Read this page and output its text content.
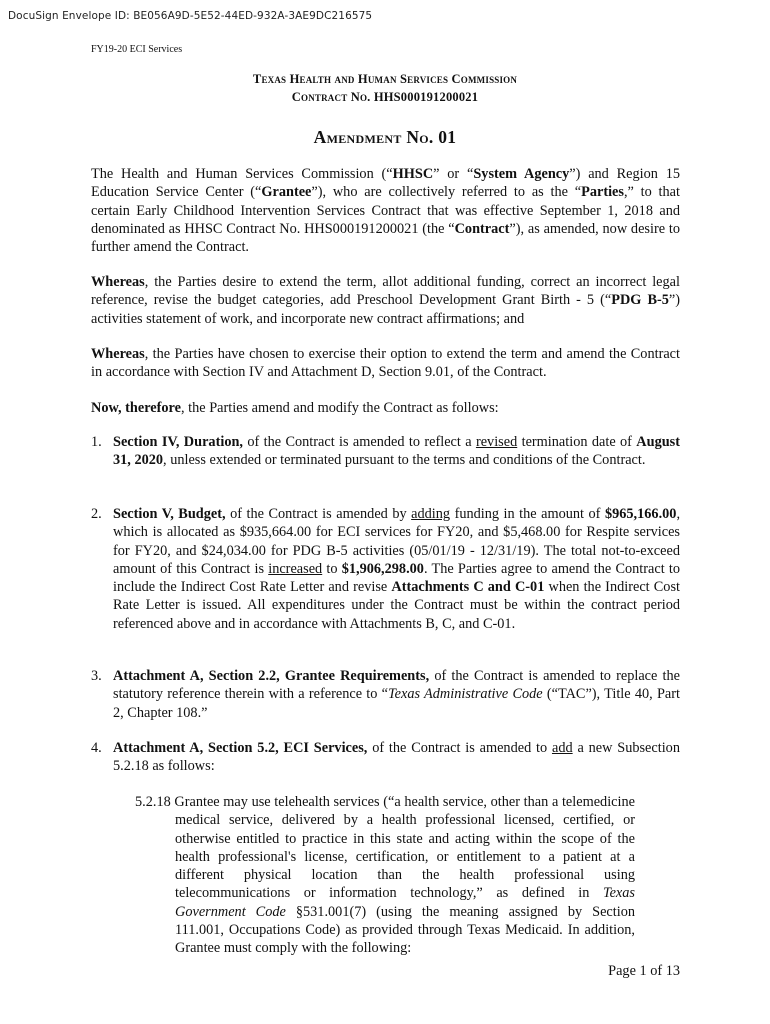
DocuSign Envelope ID: BE056A9D-5E52-44ED-932A-3AE9DC216575
FY19-20 ECI Services
Texas Health and Human Services Commission
Contract No. HHS000191200021
Amendment No. 01
The Health and Human Services Commission (“HHSC” or “System Agency”) and Region 15 Education Service Center (“Grantee”), who are collectively referred to as the “Parties,” to that certain Early Childhood Intervention Services Contract that was effective September 1, 2018 and denominated as HHSC Contract No. HHS000191200021 (the “Contract”), as amended, now desire to further amend the Contract.
Whereas, the Parties desire to extend the term, allot additional funding, correct an incorrect legal reference, revise the budget categories, add Preschool Development Grant Birth - 5 (“PDG B-5”) activities statement of work, and incorporate new contract affirmations; and
Whereas, the Parties have chosen to exercise their option to extend the term and amend the Contract in accordance with Section IV and Attachment D, Section 9.01, of the Contract.
Now, therefore, the Parties amend and modify the Contract as follows:
1. Section IV, Duration, of the Contract is amended to reflect a revised termination date of August 31, 2020, unless extended or terminated pursuant to the terms and conditions of the Contract.
2. Section V, Budget, of the Contract is amended by adding funding in the amount of $965,166.00, which is allocated as $935,664.00 for ECI services for FY20, and $5,468.00 for Respite services for FY20, and $24,034.00 for PDG B-5 activities (05/01/19 - 12/31/19). The total not-to-exceed amount of this Contract is increased to $1,906,298.00. The Parties agree to amend the Contract to include the Indirect Cost Rate Letter and revise Attachments C and C-01 when the Indirect Cost Rate Letter is issued. All expenditures under the Contract must be within the contract period referenced above and in accordance with Attachments B, C, and C-01.
3. Attachment A, Section 2.2, Grantee Requirements, of the Contract is amended to replace the statutory reference therein with a reference to “Texas Administrative Code (“TAC”), Title 40, Part 2, Chapter 108.”
4. Attachment A, Section 5.2, ECI Services, of the Contract is amended to add a new Subsection 5.2.18 as follows:
5.2.18 Grantee may use telehealth services (“a health service, other than a telemedicine medical service, delivered by a health professional licensed, certified, or otherwise entitled to practice in this state and acting within the scope of the health professional's license, certification, or entitlement to a patient at a different physical location than the health professional using telecommunications or information technology,” as defined in Texas Government Code §531.001(7) (using the meaning assigned by Section 111.001, Occupations Code) as provided through Texas Medicaid. In addition, Grantee must comply with the following:
Page 1 of 13
